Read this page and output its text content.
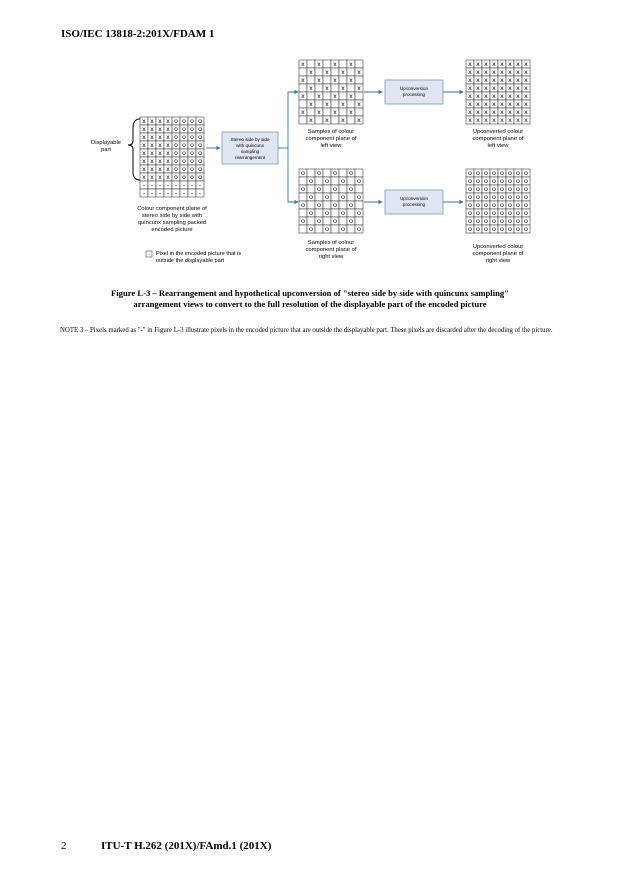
ISO/IEC 13818-2:201X/FDAM 1
x x x x o o o o
x x x x o o o o
x x x x o o o o
x x x x o o o o
x x x x o o o o
x x x x o o o o
x x x x o o o o
x x x x o o o o
- - - - - - - -
- - - - - - - -
Displayable
part
Colour component plane of
stereo side by side with
quincunx sampling packed
encoded picture
- Pixel in the encoded picture that is
outside the displayable part
Stereo side by side
with quincunx
sampling
rearrangement
x x x x
x x x x
x x x x
x x x x
x x x x
x x x x
x x x x
x x x x
Samples of colour
component plane of
left view
o o o o
o o o o
o o o o
o o o o
o o o o
o o o o
o o o o
o o o o
Samples of colour
component plane of
right view
Upconversion
processing
Upconversion
processing
x x x x x x x x
x x x x x x x x
x x x x x x x x
x x x x x x x x
x x x x x x x x
x x x x x x x x
x x x x x x x x
x x x x x x x x
Upconverted colour
component plane of
left view
o o o o o o o o
o o o o o o o o
o o o o o o o o
o o o o o o o o
o o o o o o o o
o o o o o o o o
o o o o o o o o
o o o o o o o o
Upconverted colour
component plane of
right view
Figure L-3 – Rearrangement and hypothetical upconversion of "stereo side by side with quincunx sampling"
arrangement views to convert to the full resolution of the displayable part of the encoded picture
NOTE 3 – Pixels marked as "-" in Figure L-3 illustrate pixels in the encoded picture that are outside the displayable part. These pixels are discarded after the decoding of the picture.
2	ITU-T H.262 (201X)/FAmd.1 (201X)
